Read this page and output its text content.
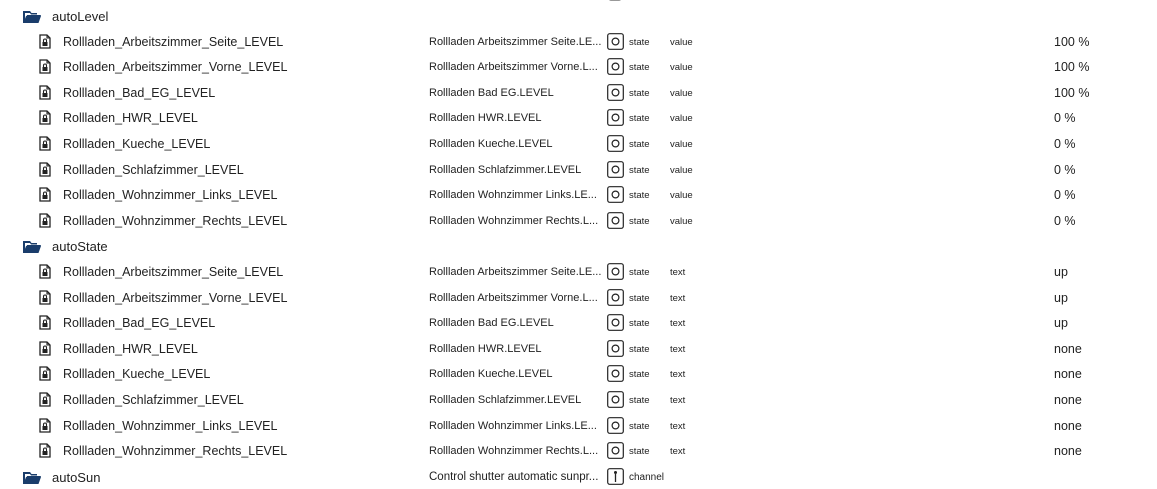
autoLevel
Rollladen_Arbeitszimmer_Seite_LEVEL	Rollladen Arbeitszimmer Seite.LE...	state value	100 %
Rollladen_Arbeitszimmer_Vorne_LEVEL	Rollladen Arbeitszimmer Vorne.L...	state value	100 %
Rollladen_Bad_EG_LEVEL	Rollladen Bad EG.LEVEL	state value	100 %
Rollladen_HWR_LEVEL	Rollladen HWR.LEVEL	state value	0 %
Rollladen_Kueche_LEVEL	Rollladen Kueche.LEVEL	state value	0 %
Rollladen_Schlafzimmer_LEVEL	Rollladen Schlafzimmer.LEVEL	state value	0 %
Rollladen_Wohnzimmer_Links_LEVEL	Rollladen Wohnzimmer Links.LE...	state value	0 %
Rollladen_Wohnzimmer_Rechts_LEVEL	Rollladen Wohnzimmer Rechts.L...	state value	0 %
autoState
Rollladen_Arbeitszimmer_Seite_LEVEL	Rollladen Arbeitszimmer Seite.LE...	state text	up
Rollladen_Arbeitszimmer_Vorne_LEVEL	Rollladen Arbeitszimmer Vorne.L...	state text	up
Rollladen_Bad_EG_LEVEL	Rollladen Bad EG.LEVEL	state text	up
Rollladen_HWR_LEVEL	Rollladen HWR.LEVEL	state text	none
Rollladen_Kueche_LEVEL	Rollladen Kueche.LEVEL	state text	none
Rollladen_Schlafzimmer_LEVEL	Rollladen Schlafzimmer.LEVEL	state text	none
Rollladen_Wohnzimmer_Links_LEVEL	Rollladen Wohnzimmer Links.LE...	state text	none
Rollladen_Wohnzimmer_Rechts_LEVEL	Rollladen Wohnzimmer Rechts.L...	state text	none
autoSun	Control shutter automatic sunpr...	channel
